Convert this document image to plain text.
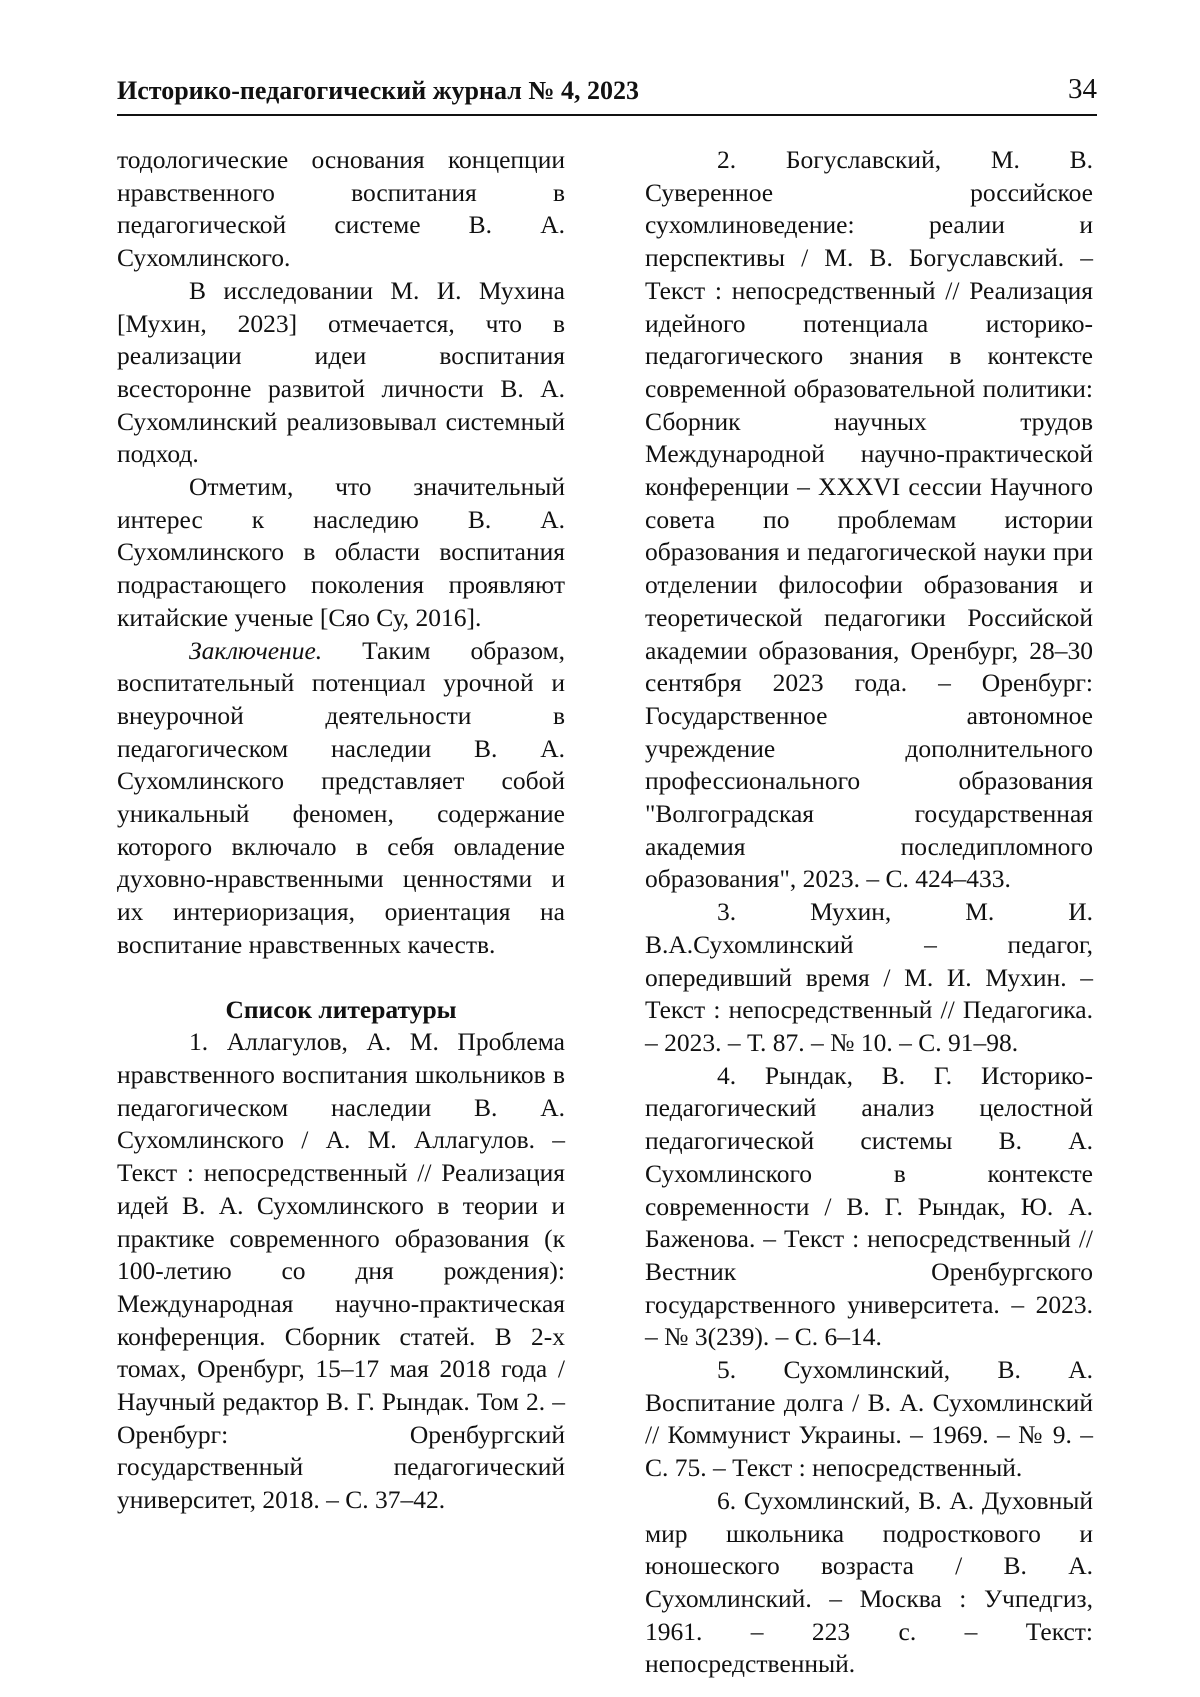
Историко-педагогический журнал № 4, 2023	34

тодологические основания концепции нравственного воспитания в педагогической системе В. А. Сухомлинского.

В исследовании М. И. Мухина [Мухин, 2023] отмечается, что в реализации идеи воспитания всесторонне развитой личности В. А. Сухомлинский реализовывал системный подход.

Отметим, что значительный интерес к наследию В. А. Сухомлинского в области воспитания подрастающего поколения проявляют китайские ученые [Сяо Су, 2016].

Заключение. Таким образом, воспитательный потенциал урочной и внеурочной деятельности в педагогическом наследии В. А. Сухомлинского представляет собой уникальный феномен, содержание которого включало в себя овладение духовно-нравственными ценностями и их интериоризация, ориентация на воспитание нравственных качеств.

Список литературы

1. Аллагулов, А. М. Проблема нравственного воспитания школьников в педагогическом наследии В. А. Сухомлинского / А. М. Аллагулов. – Текст : непосредственный // Реализация идей В. А. Сухомлинского в теории и практике современного образования (к 100-летию со дня рождения): Международная научно-практическая конференция. Сборник статей. В 2-х томах, Оренбург, 15–17 мая 2018 года / Научный редактор В. Г. Рындак. Том 2. – Оренбург: Оренбургский государственный педагогический университет, 2018. – С. 37–42.

2. Богуславский, М. В. Суверенное российское сухомлиноведение: реалии и перспективы / М. В. Богуславский. – Текст : непосредственный // Реализация идейного потенциала историко-педагогического знания в контексте современной образовательной политики: Сборник научных трудов Международной научно-практической конференции – XXXVI сессии Научного совета по проблемам истории образования и педагогической науки при отделении философии образования и теоретической педагогики Российской академии образования, Оренбург, 28–30 сентября 2023 года. – Оренбург: Государственное автономное учреждение дополнительного профессионального образования "Волгоградская государственная академия последипломного образования", 2023. – С. 424–433.

3. Мухин, М. И. В.А.Сухомлинский – педагог, опередивший время / М. И. Мухин. – Текст : непосредственный // Педагогика. – 2023. – Т. 87. – № 10. – С. 91–98.

4. Рындак, В. Г. Историко-педагогический анализ целостной педагогической системы В. А. Сухомлинского в контексте современности / В. Г. Рындак, Ю. А. Баженова. – Текст : непосредственный // Вестник Оренбургского государственного университета. – 2023. – № 3(239). – С. 6–14.

5. Сухомлинский, В. А. Воспитание долга / В. А. Сухомлинский // Коммунист Украины. – 1969. – № 9. – С. 75. – Текст : непосредственный.

6. Сухомлинский, В. А. Духовный мир школьника подросткового и юношеского возраста / В. А. Сухомлинский. – Москва : Учпедгиз, 1961. – 223 с. – Текст: непосредственный.
